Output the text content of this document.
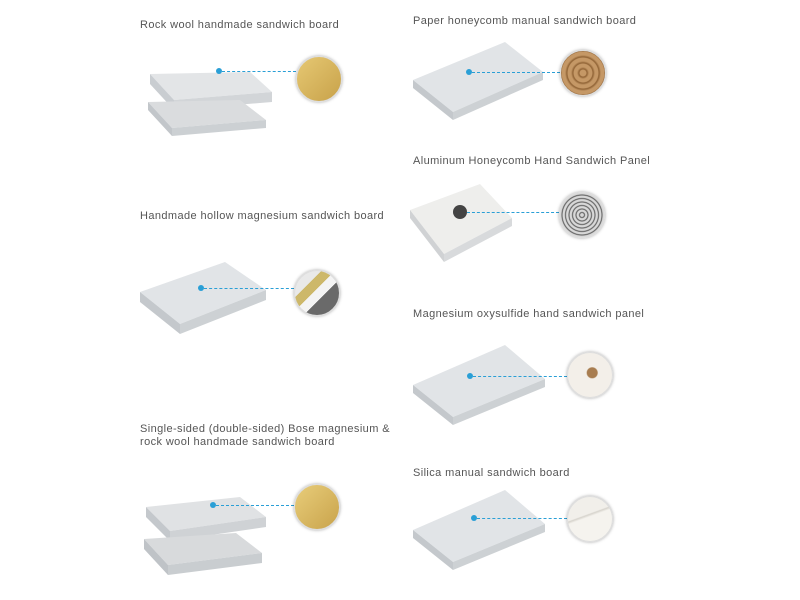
Rock wool handmade sandwich board	Paper honeycomb manual sandwich board
Aluminum Honeycomb Hand Sandwich Panel
Handmade hollow magnesium sandwich board
Magnesium oxysulfide hand sandwich panel
Single-sided (double-sided) Bose magnesium &
rock wool handmade sandwich board
Silica manual sandwich board
